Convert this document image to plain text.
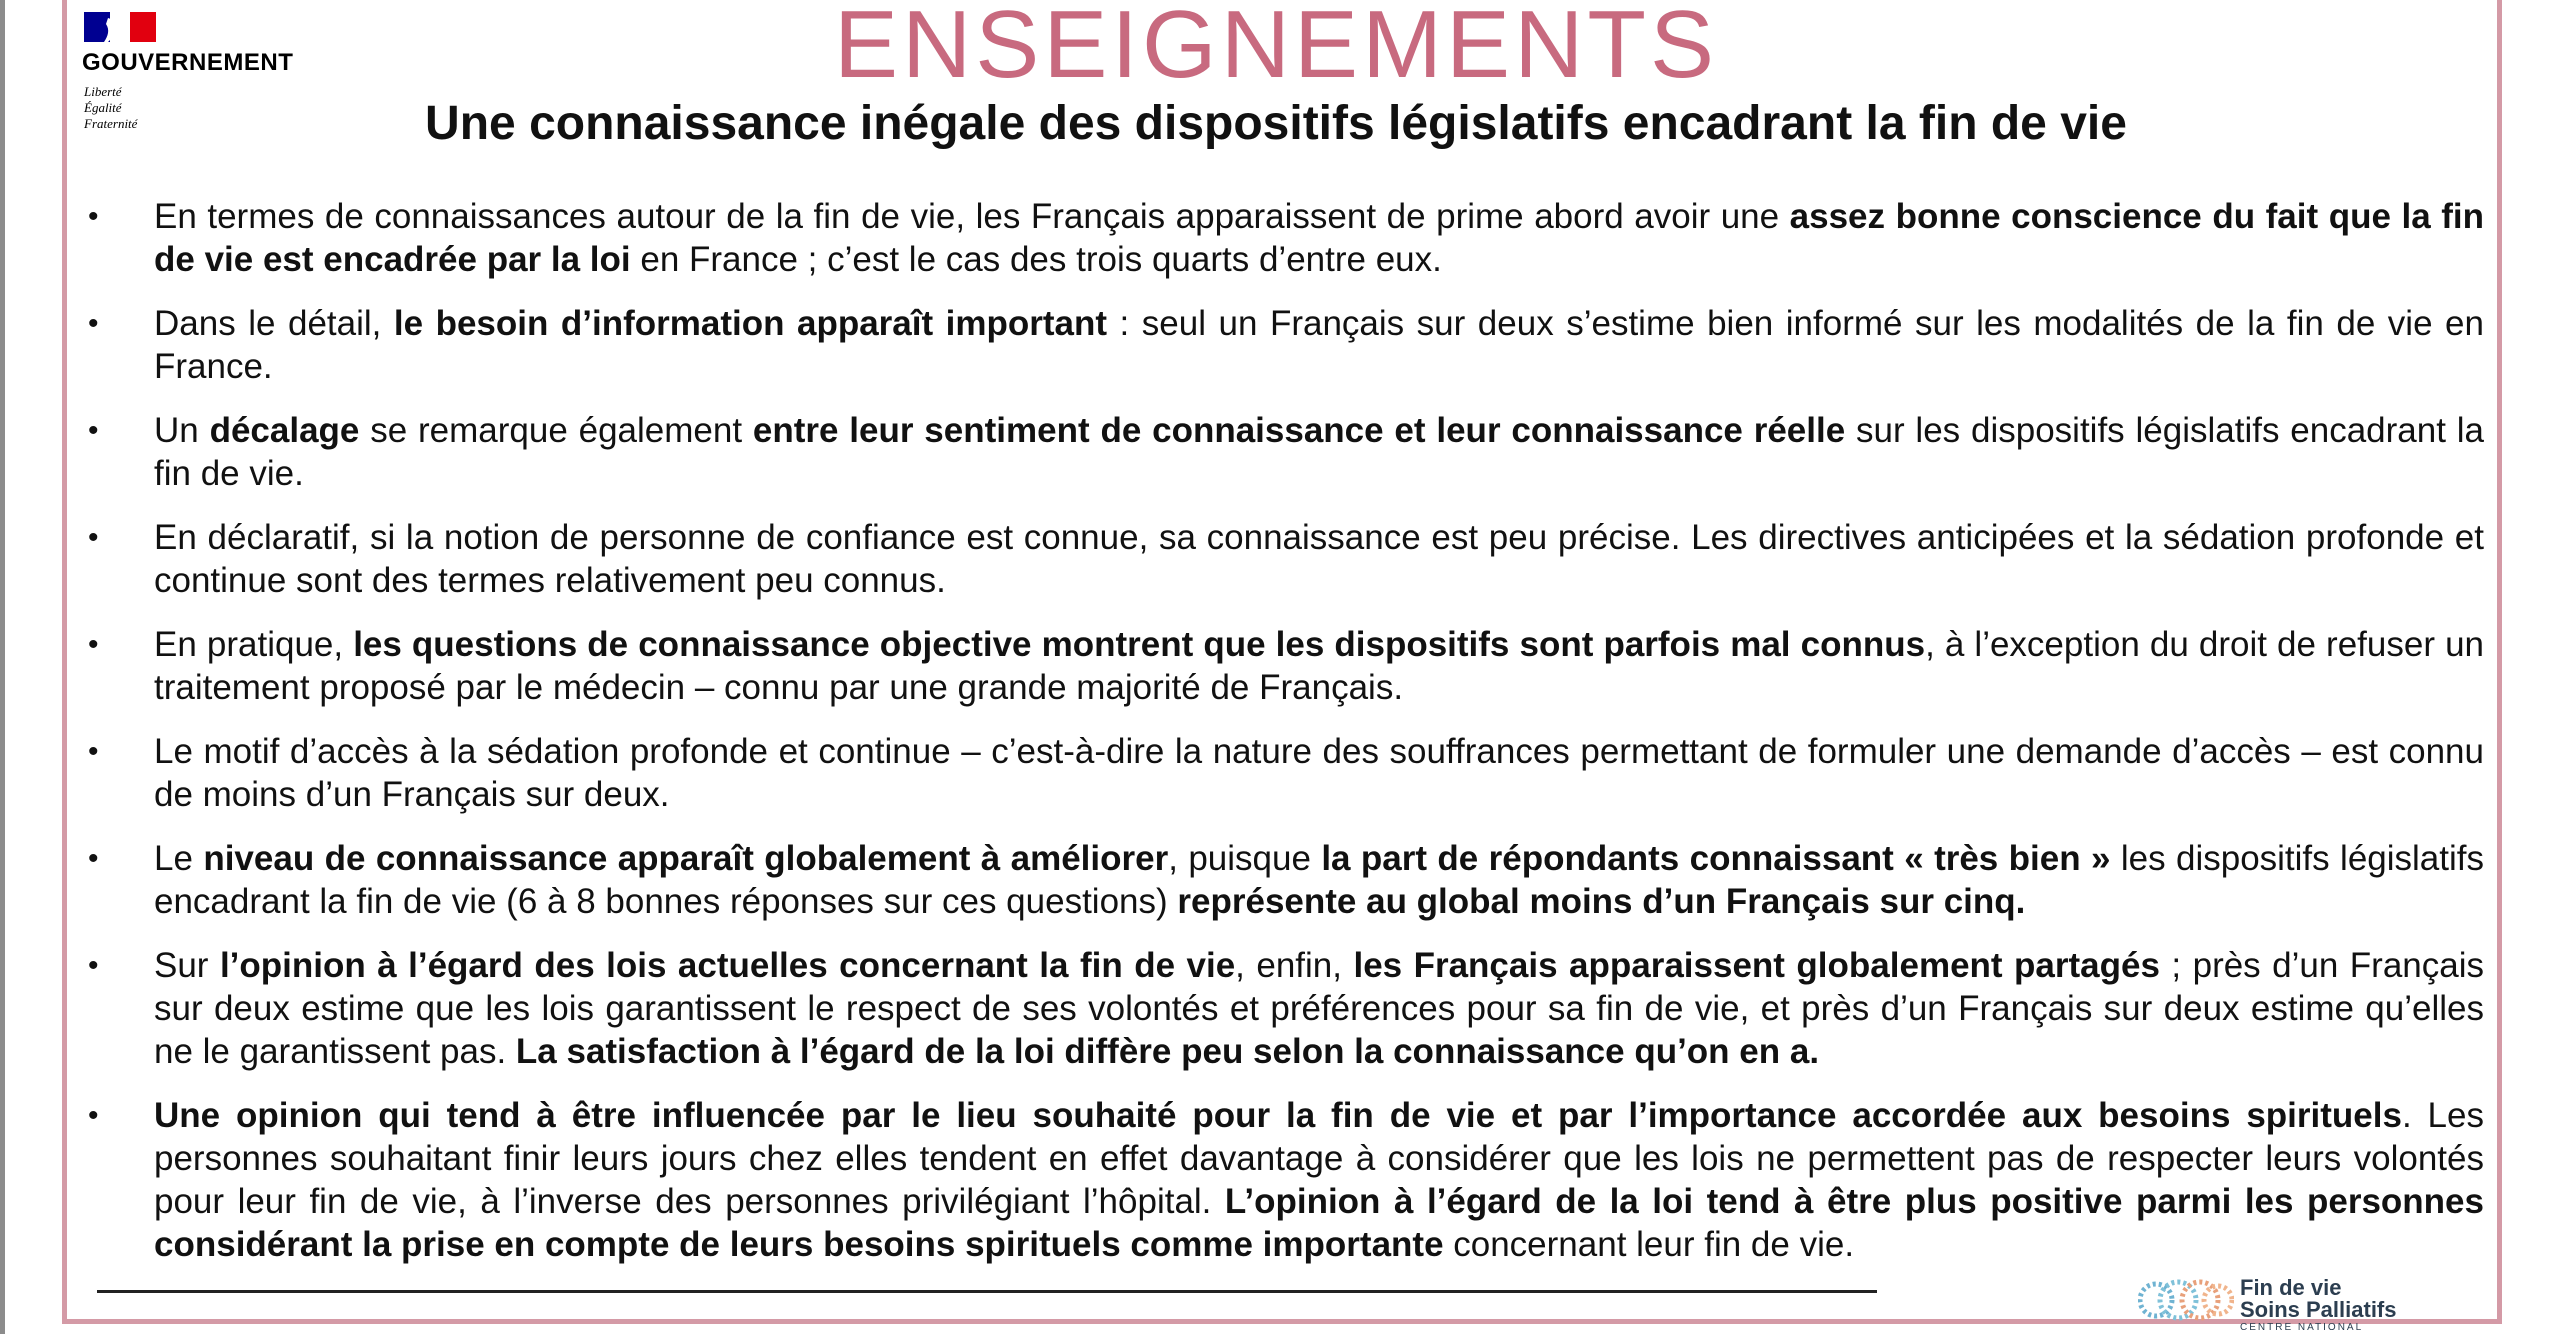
GOUVERNEMENT
Liberté
Égalité
Fraternité
ENSEIGNEMENTS
Une connaissance inégale des dispositifs législatifs encadrant la fin de vie
• En termes de connaissances autour de la fin de vie, les Français apparaissent de prime abord avoir une assez bonne conscience du fait que la fin de vie est encadrée par la loi en France ; c’est le cas des trois quarts d’entre eux.
• Dans le détail, le besoin d’information apparaît important : seul un Français sur deux s’estime bien informé sur les modalités de la fin de vie en France.
• Un décalage se remarque également entre leur sentiment de connaissance et leur connaissance réelle sur les dispositifs législatifs encadrant la fin de vie.
• En déclaratif, si la notion de personne de confiance est connue, sa connaissance est peu précise. Les directives anticipées et la sédation profonde et continue sont des termes relativement peu connus.
• En pratique, les questions de connaissance objective montrent que les dispositifs sont parfois mal connus, à l’exception du droit de refuser un traitement proposé par le médecin – connu par une grande majorité de Français.
• Le motif d’accès à la sédation profonde et continue – c’est-à-dire la nature des souffrances permettant de formuler une demande d’accès – est connu de moins d’un Français sur deux.
• Le niveau de connaissance apparaît globalement à améliorer, puisque la part de répondants connaissant « très bien » les dispositifs législatifs encadrant la fin de vie (6 à 8 bonnes réponses sur ces questions) représente au global moins d’un Français sur cinq.
• Sur l’opinion à l’égard des lois actuelles concernant la fin de vie, enfin, les Français apparaissent globalement partagés ; près d’un Français sur deux estime que les lois garantissent le respect de ses volontés et préférences pour sa fin de vie, et près d’un Français sur deux estime qu’elles ne le garantissent pas. La satisfaction à l’égard de la loi diffère peu selon la connaissance qu’on en a.
• Une opinion qui tend à être influencée par le lieu souhaité pour la fin de vie et par l’importance accordée aux besoins spirituels. Les personnes souhaitant finir leurs jours chez elles tendent en effet davantage à considérer que les lois ne permettent pas de respecter leurs volontés pour leur fin de vie, à l’inverse des personnes privilégiant l’hôpital. L’opinion à l’égard de la loi tend à être plus positive parmi les personnes considérant la prise en compte de leurs besoins spirituels comme importante concernant leur fin de vie.
Fin de vie
Soins Palliatifs
CENTRE NATIONAL
